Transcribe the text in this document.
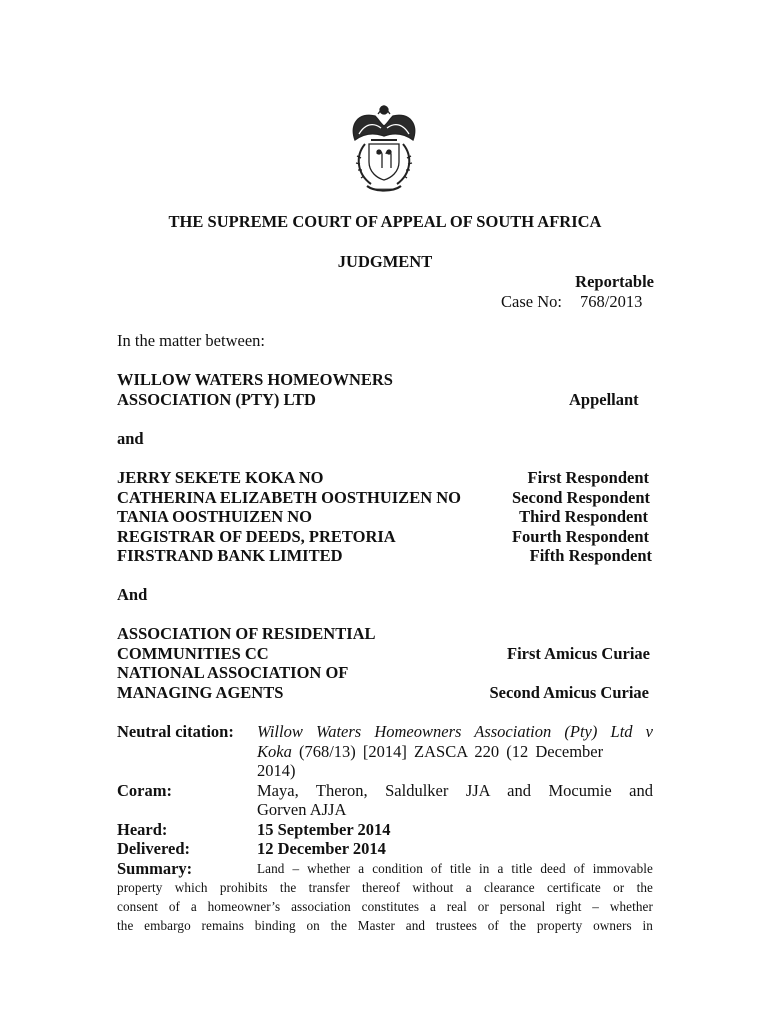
THE SUPREME COURT OF APPEAL OF SOUTH AFRICA
JUDGMENT
Reportable
Case No: 768/2013
In the matter between:
WILLOW WATERS HOMEOWNERS
ASSOCIATION (PTY) LTD	Appellant
and
JERRY SEKETE KOKA NO	First Respondent
CATHERINA ELIZABETH OOSTHUIZEN NO	Second Respondent
TANIA OOSTHUIZEN NO	Third Respondent
REGISTRAR OF DEEDS, PRETORIA	Fourth Respondent
FIRSTRAND BANK LIMITED	Fifth Respondent
And
ASSOCIATION OF RESIDENTIAL
COMMUNITIES CC	First Amicus Curiae
NATIONAL ASSOCIATION OF
MANAGING AGENTS	Second Amicus Curiae
Neutral citation: Willow Waters Homeowners Association (Pty) Ltd v
Koka (768/13) [2014] ZASCA 220 (12 December
2014)
Coram:	Maya, Theron, Saldulker JJA and Mocumie and
Gorven AJJA
Heard:	15 September 2014
Delivered:	12 December 2014
Summary:	Land – whether a condition of title in a title deed of immovable
property which prohibits the transfer thereof without a clearance certificate or the
consent of a homeowner’s association constitutes a real or personal right – whether
the embargo remains binding on the Master and trustees of the property owners in
